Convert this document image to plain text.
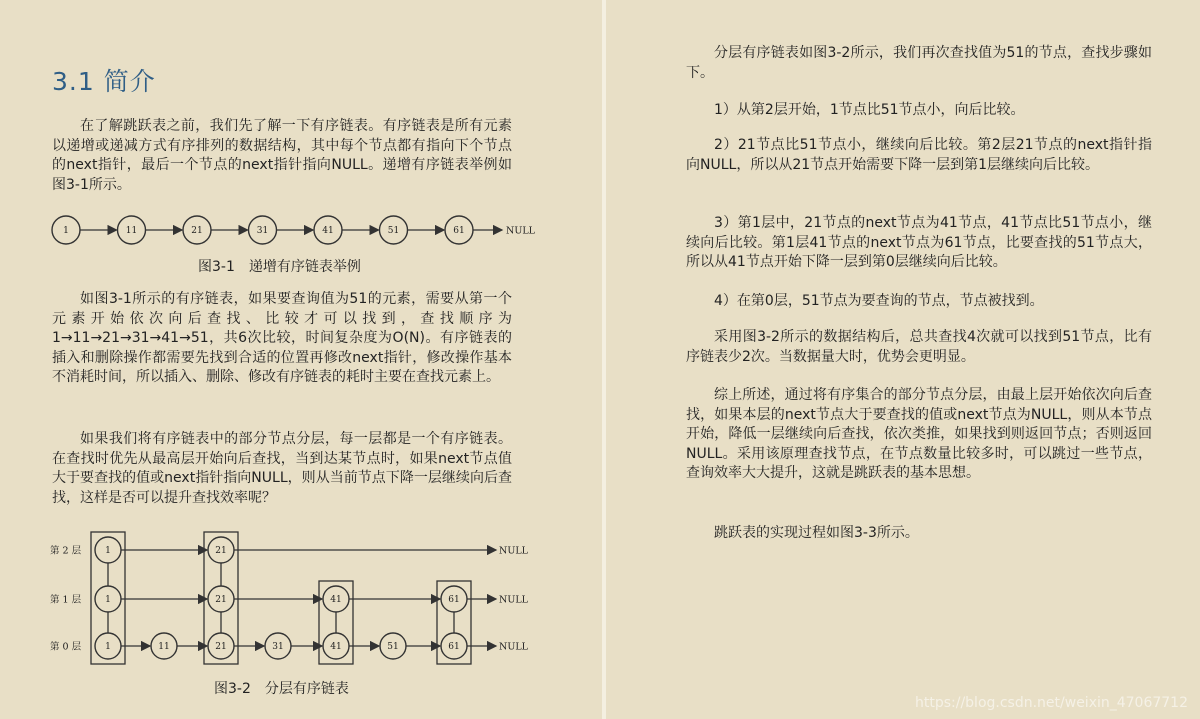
3.1 简介

在了解跳跃表之前，我们先了解一下有序链表。有序链表是所有元素以递增或递减方式有序排列的数据结构，其中每个节点都有指向下个节点的next指针，最后一个节点的next指针指向NULL。递增有序链表举例如图3-1所示。

1	11	21	31	41	51	61	NULL
图3-1 递增有序链表举例

如图3-1所示的有序链表，如果要查询值为51的元素，需要从第一个元素开始依次向后查找、比较才可以找到，查找顺序为1→11→21→31→41→51，共6次比较，时间复杂度为O(N)。有序链表的插入和删除操作都需要先找到合适的位置再修改next指针，修改操作基本不消耗时间，所以插入、删除、修改有序链表的耗时主要在查找元素上。

如果我们将有序链表中的部分节点分层，每一层都是一个有序链表。在查找时优先从最高层开始向后查找，当到达某节点时，如果next节点值大于要查找的值或next指针指向NULL，则从当前节点下降一层继续向后查找，这样是否可以提升查找效率呢？

第 2 层
第 1 层
第 0 层
1	21	NULL
1	21	41	61	NULL
1	11	21	31	41	51	61	NULL
图3-2 分层有序链表

分层有序链表如图3-2所示，我们再次查找值为51的节点，查找步骤如下。

1）从第2层开始，1节点比51节点小，向后比较。

2）21节点比51节点小，继续向后比较。第2层21节点的next指针指向NULL，所以从21节点开始需要下降一层到第1层继续向后比较。

3）第1层中，21节点的next节点为41节点，41节点比51节点小，继续向后比较。第1层41节点的next节点为61节点，比要查找的51节点大，所以从41节点开始下降一层到第0层继续向后比较。

4）在第0层，51节点为要查询的节点，节点被找到。

采用图3-2所示的数据结构后，总共查找4次就可以找到51节点，比有序链表少2次。当数据量大时，优势会更明显。

综上所述，通过将有序集合的部分节点分层，由最上层开始依次向后查找，如果本层的next节点大于要查找的值或next节点为NULL，则从本节点开始，降低一层继续向后查找，依次类推，如果找到则返回节点；否则返回NULL。采用该原理查找节点，在节点数量比较多时，可以跳过一些节点，查询效率大大提升，这就是跳跃表的基本思想。

跳跃表的实现过程如图3-3所示。

https://blog.csdn.net/weixin_47067712
